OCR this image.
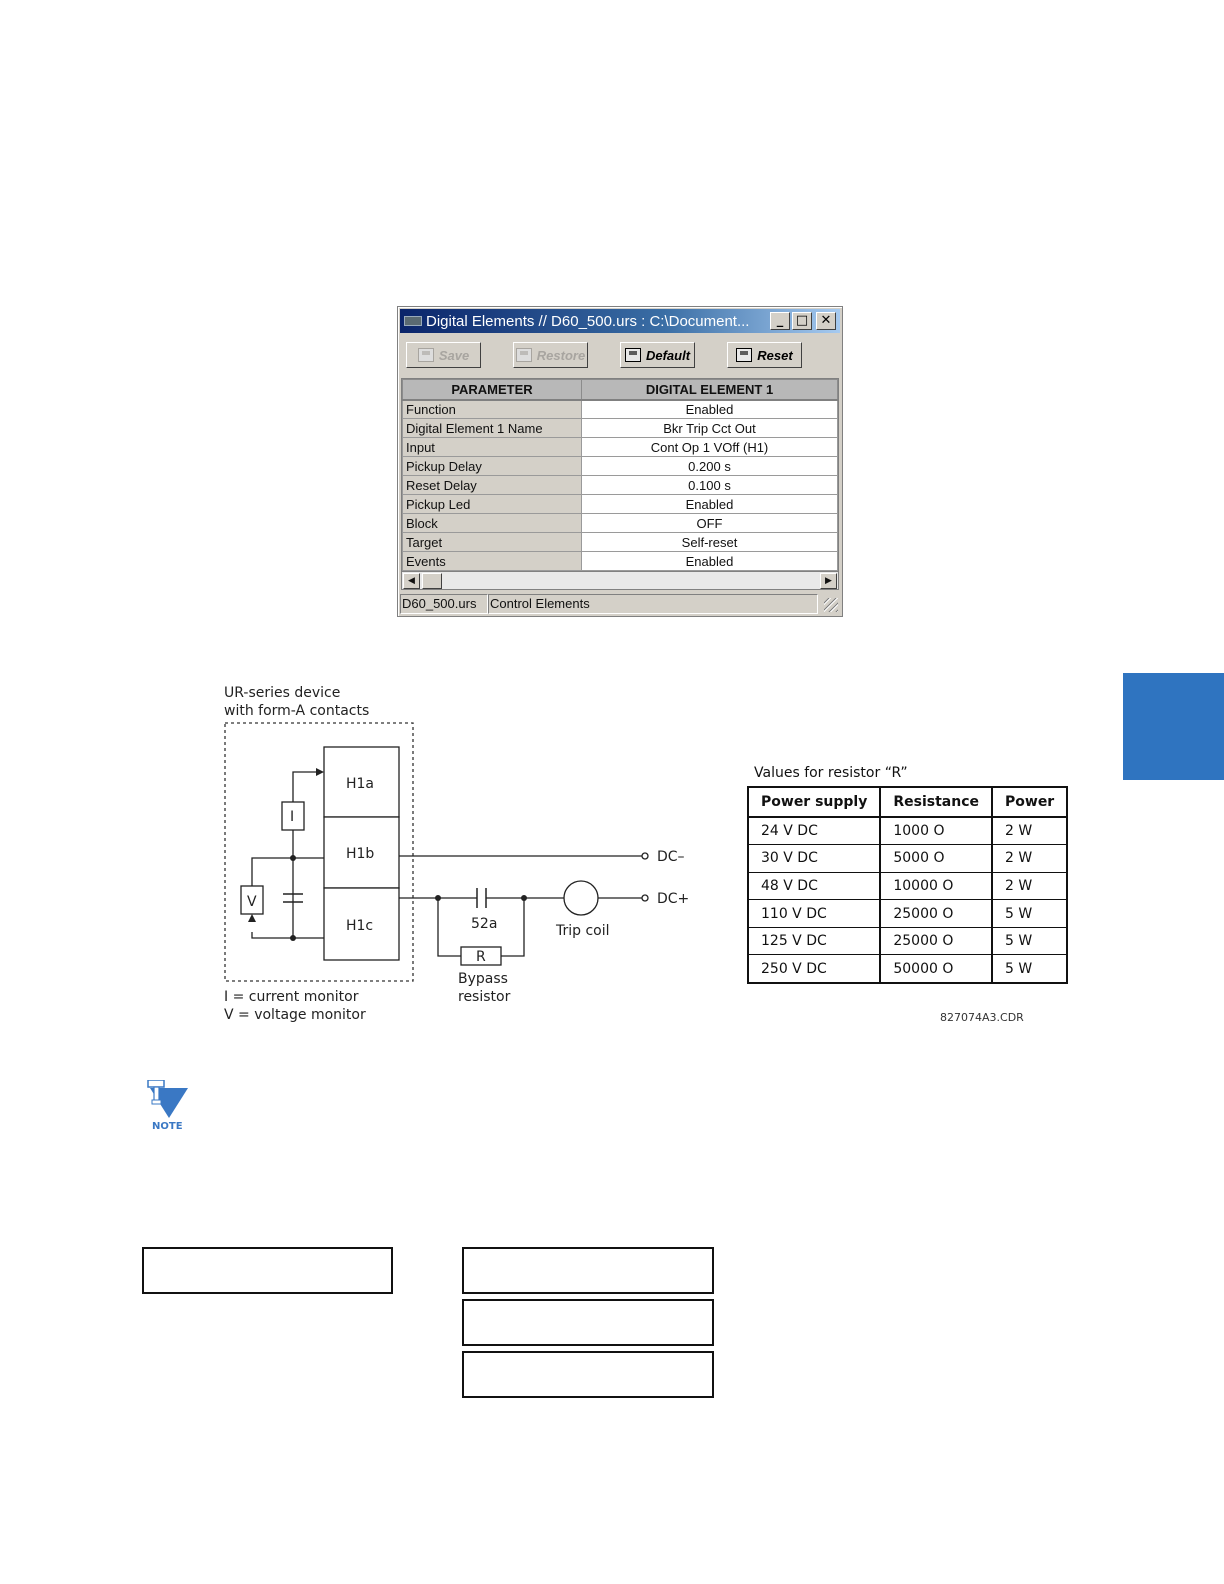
Digital Elements // D60_500.urs : C:\Document...	_ □ ✕
Save	Restore	Default	Reset
PARAMETER	DIGITAL ELEMENT 1
Function	Enabled
Digital Element 1 Name	Bkr Trip Cct Out
Input	Cont Op 1 VOff (H1)
Pickup Delay	0.200 s
Reset Delay	0.100 s
Pickup Led	Enabled
Block	OFF
Target	Self-reset
Events	Enabled
◀	▶
D60_500.urs	Control Elements
UR-series device
with form-A contacts
H1a
H1b
H1c
I
V
DC–
52a	Trip coil
DC+
R
Bypass
resistor
I = current monitor
V = voltage monitor
Values for resistor “R”
Power supply	Resistance	Power
24 V DC	1000 O	2 W
30 V DC	5000 O	2 W
48 V DC	10000 O	2 W
110 V DC	25000 O	5 W
125 V DC	25000 O	5 W
250 V DC	50000 O	5 W
827074A3.CDR
NOTE
